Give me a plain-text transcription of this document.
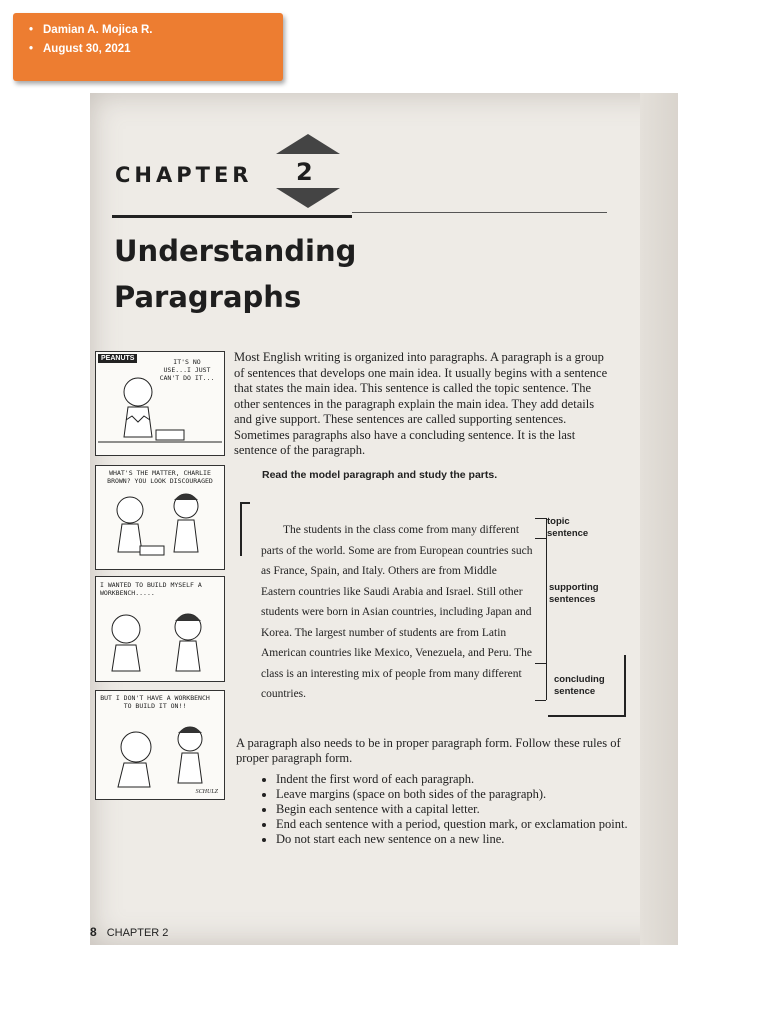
• Damian A. Mojica R.
• August 30, 2021
CHAPTER 2
Understanding
Paragraphs
PEANUTS	IT'S NO USE...I JUST CAN'T DO IT...
WHAT'S THE MATTER, CHARLIE BROWN? YOU LOOK DISCOURAGED
I WANTED TO BUILD MYSELF A WORKBENCH.....
BUT I DON'T HAVE A WORKBENCH TO BUILD IT ON!!
SCHULZ
Most English writing is organized into paragraphs. A paragraph is a group of sentences that develops one main idea. It usually begins with a sentence that states the main idea. This sentence is called the topic sentence. The other sentences in the paragraph explain the main idea. They add details and give support. These sentences are called supporting sentences. Sometimes paragraphs also have a concluding sentence. It is the last sentence of the paragraph.
Read the model paragraph and study the parts.
The students in the class come from many different parts of the world. Some are from European countries such as France, Spain, and Italy. Others are from Middle Eastern countries like Saudi Arabia and Israel. Still other students were born in Asian countries, including Japan and Korea. The largest number of students are from Latin American countries like Mexico, Venezuela, and Peru. The class is an interesting mix of people from many different countries.
topic sentence
supporting sentences
concluding sentence
A paragraph also needs to be in proper paragraph form. Follow these rules of proper paragraph form.
• Indent the first word of each paragraph.
• Leave margins (space on both sides of the paragraph).
• Begin each sentence with a capital letter.
• End each sentence with a period, question mark, or exclamation point.
• Do not start each new sentence on a new line.
8 CHAPTER 2
